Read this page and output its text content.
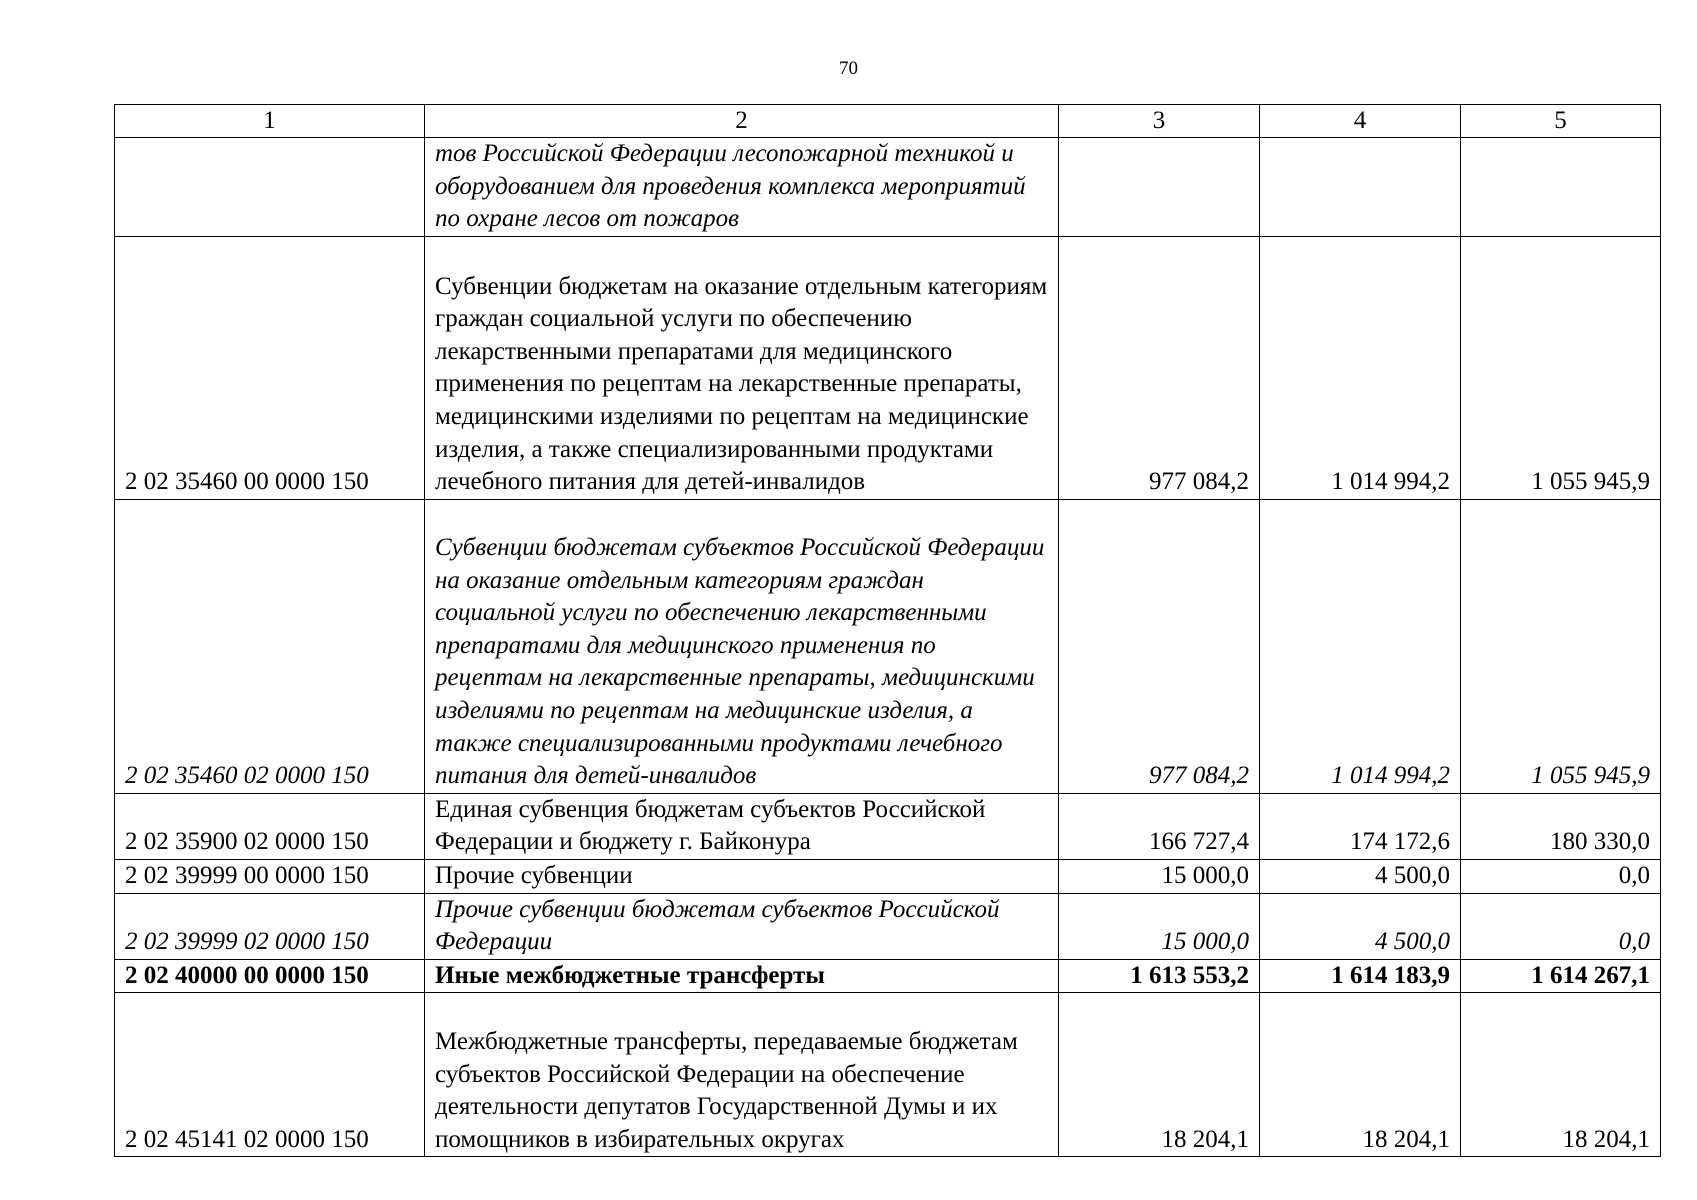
70
1	2	3	4	5
	тов Российской Федерации лесопожарной техникой и оборудованием для проведения комплекса мероприятий по охране лесов от пожаров			
2 02 35460 00 0000 150	Субвенции бюджетам на оказание отдельным категориям граждан социальной услуги по обеспечению лекарственными препаратами для медицинского применения по рецептам на лекарственные препараты, медицинскими изделиями по рецептам на медицинские изделия, а также специализированными продуктами лечебного питания для детей-инвалидов	977 084,2	1 014 994,2	1 055 945,9
2 02 35460 02 0000 150	Субвенции бюджетам субъектов Российской Федерации на оказание отдельным категориям граждан социальной услуги по обеспечению лекарственными препаратами для медицинского применения по рецептам на лекарственные препараты, медицинскими изделиями по рецептам на медицинские изделия, а также специализированными продуктами лечебного питания для детей-инвалидов	977 084,2	1 014 994,2	1 055 945,9
2 02 35900 02 0000 150	Единая субвенция бюджетам субъектов Российской Федерации и бюджету г. Байконура	166 727,4	174 172,6	180 330,0
2 02 39999 00 0000 150	Прочие субвенции	15 000,0	4 500,0	0,0
2 02 39999 02 0000 150	Прочие субвенции бюджетам субъектов Российской Федерации	15 000,0	4 500,0	0,0
2 02 40000 00 0000 150	Иные межбюджетные трансферты	1 613 553,2	1 614 183,9	1 614 267,1
2 02 45141 02 0000 150	Межбюджетные трансферты, передаваемые бюджетам субъектов Российской Федерации на обеспечение деятельности депутатов Государственной Думы и их помощников в избирательных округах	18 204,1	18 204,1	18 204,1
